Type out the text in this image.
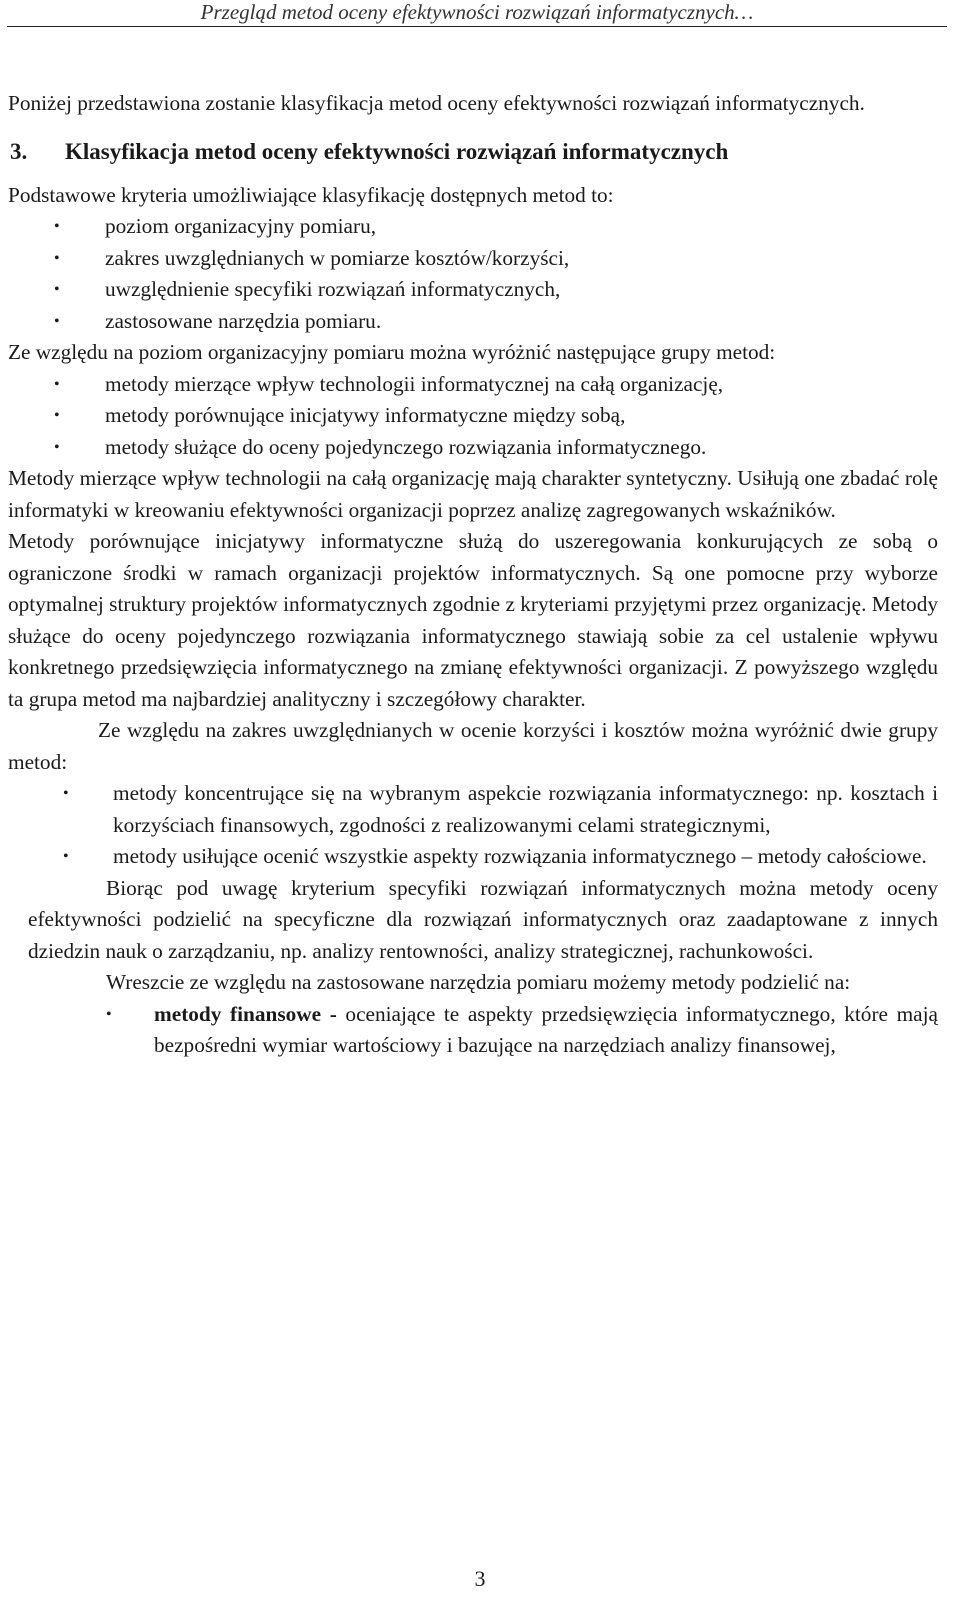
Przegląd metod oceny efektywności rozwiązań informatycznych…

Poniżej przedstawiona zostanie klasyfikacja metod oceny efektywności rozwiązań informatycznych.

3. Klasyfikacja metod oceny efektywności rozwiązań informatycznych

Podstawowe kryteria umożliwiające klasyfikację dostępnych metod to:

• poziom organizacyjny pomiaru,
• zakres uwzględnianych w pomiarze kosztów/korzyści,
• uwzględnienie specyfiki rozwiązań informatycznych,
• zastosowane narzędzia pomiaru.

Ze względu na poziom organizacyjny pomiaru można wyróżnić następujące grupy metod:

• metody mierzące wpływ technologii informatycznej na całą organizację,
• metody porównujące inicjatywy informatyczne między sobą,
• metody służące do oceny pojedynczego rozwiązania informatycznego.

Metody mierzące wpływ technologii na całą organizację mają charakter syntetyczny. Usiłują one zbadać rolę informatyki w kreowaniu efektywności organizacji poprzez analizę zagregowanych wskaźników.

Metody porównujące inicjatywy informatyczne służą do uszeregowania konkurujących ze sobą o ograniczone środki w ramach organizacji projektów informatycznych. Są one pomocne przy wyborze optymalnej struktury projektów informatycznych zgodnie z kryteriami przyjętymi przez organizację. Metody służące do oceny pojedynczego rozwiązania informatycznego stawiają sobie za cel ustalenie wpływu konkretnego przedsięwzięcia informatycznego na zmianę efektywności organizacji. Z powyższego względu ta grupa metod ma najbardziej analityczny i szczegółowy charakter.

Ze względu na zakres uwzględnianych w ocenie korzyści i kosztów można wyróżnić dwie grupy metod:

• metody koncentrujące się na wybranym aspekcie rozwiązania informatycznego: np. kosztach i korzyściach finansowych, zgodności z realizowanymi celami strategicznymi,
• metody usiłujące ocenić wszystkie aspekty rozwiązania informatycznego – metody całościowe.

Biorąc pod uwagę kryterium specyfiki rozwiązań informatycznych można metody oceny efektywności podzielić na specyficzne dla rozwiązań informatycznych oraz zaadaptowane z innych dziedzin nauk o zarządzaniu, np. analizy rentowności, analizy strategicznej, rachunkowości.

Wreszcie ze względu na zastosowane narzędzia pomiaru możemy metody podzielić na:

• metody finansowe - oceniające te aspekty przedsięwzięcia informatycznego, które mają bezpośredni wymiar wartościowy i bazujące na narzędziach analizy finansowej,
3
